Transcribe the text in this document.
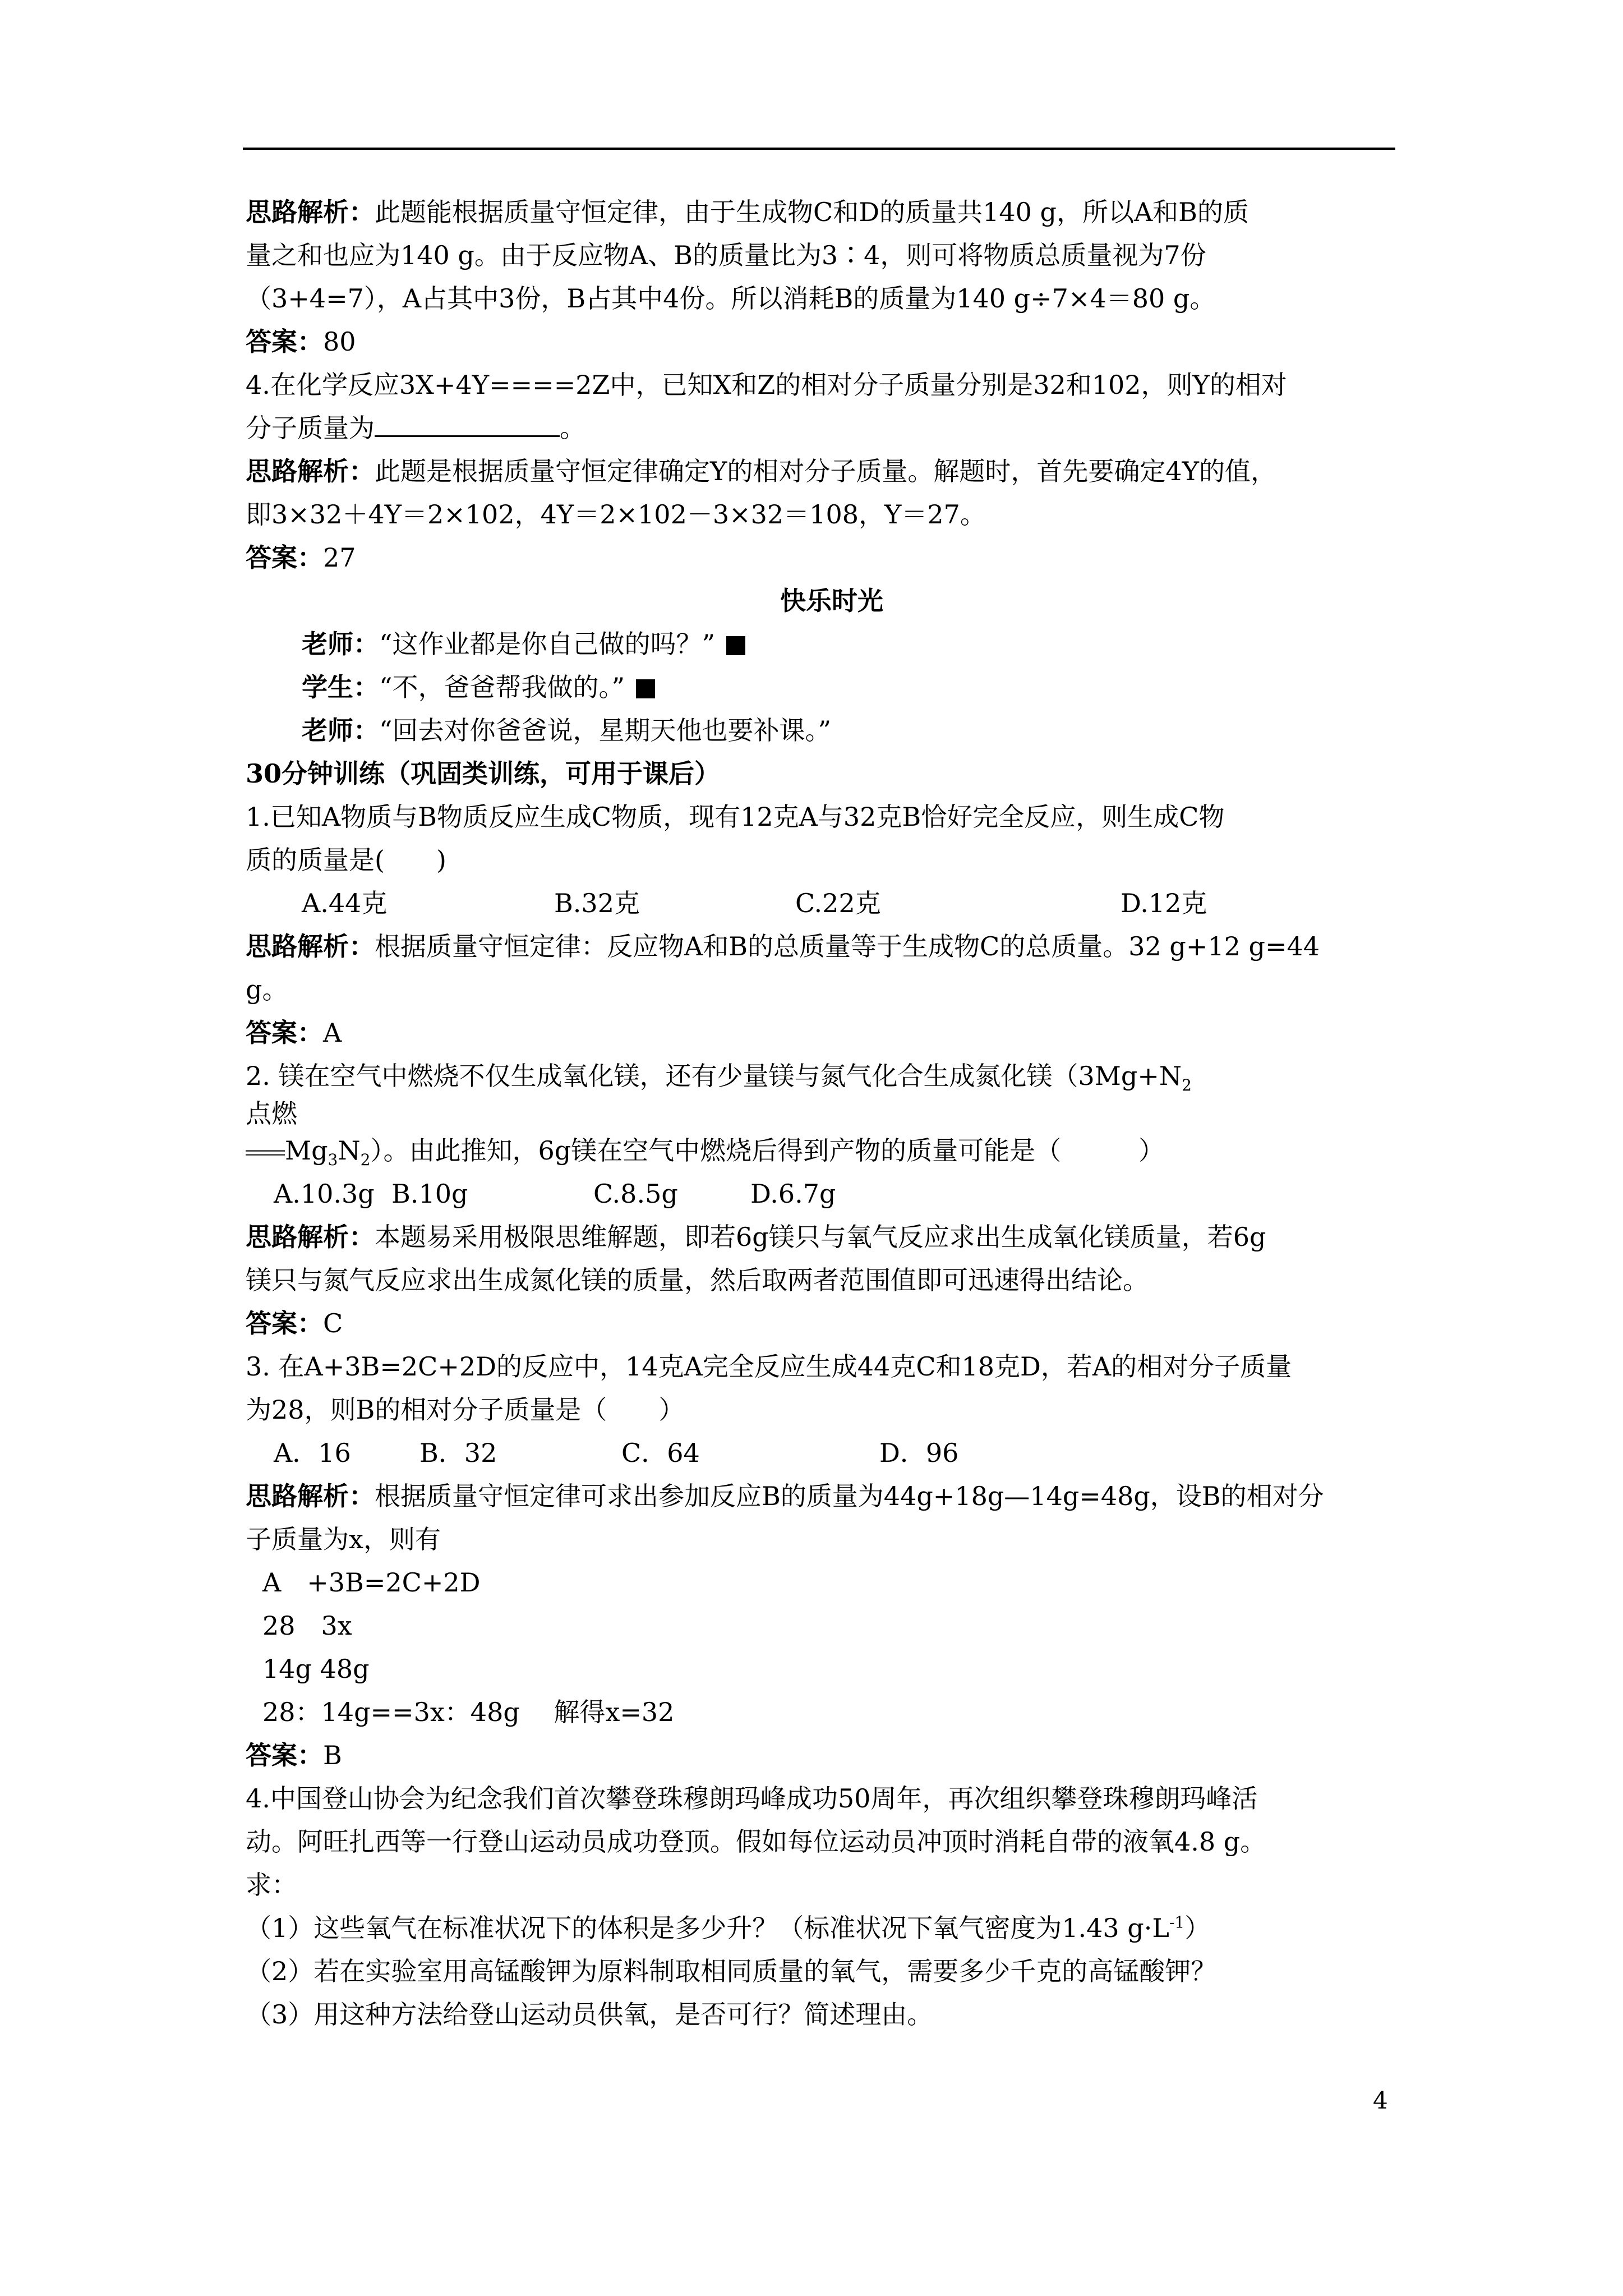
思路解析：此题能根据质量守恒定律，由于生成物C和D的质量共140 g，所以A和B的质

量之和也应为140 g。由于反应物A、B的质量比为3∶4，则可将物质总质量视为7份

（3+4=7），A占其中3份，B占其中4份。所以消耗B的质量为140 g÷7×4＝80 g。

答案：80

4.在化学反应3X+4Y====2Z中，已知X和Z的相对分子质量分别是32和102，则Y的相对

分子质量为	。

思路解析：此题是根据质量守恒定律确定Y的相对分子质量。解题时，首先要确定4Y的值，

即3×32＋4Y＝2×102，4Y＝2×102－3×32＝108，Y＝27。

答案：27

快乐时光

老师：“这作业都是你自己做的吗？”

学生：“不，爸爸帮我做的。”

老师：“回去对你爸爸说，星期天他也要补课。”

30分钟训练（巩固类训练，可用于课后）

1.已知A物质与B物质反应生成C物质，现有12克A与32克B恰好完全反应，则生成C物

质的质量是(　　)

A.44克	B.32克	C.22克	D.12克

思路解析：根据质量守恒定律：反应物A和B的总质量等于生成物C的总质量。32 g+12 g=44

g。

答案：A

2. 镁在空气中燃烧不仅生成氧化镁，还有少量镁与氮气化合生成氮化镁（$3Mg+N_2$

点燃

$Mg_3N_2$）。由此推知，6g镁在空气中燃烧后得到产物的质量可能是（　　　）

A.10.3g B.10g	C.8.5g	D.6.7g

思路解析：本题易采用极限思维解题，即若6g镁只与氧气反应求出生成氧化镁质量，若6g

镁只与氮气反应求出生成氮化镁的质量，然后取两者范围值即可迅速得出结论。

答案：C

3. 在A+3B=2C+2D的反应中，14克A完全反应生成44克C和18克D，若A的相对分子质量

为28，则B的相对分子质量是（　　）

A．16	B．32	C．64	D．96

思路解析：根据质量守恒定律可求出参加反应B的质量为44g+18g—14g=48g，设B的相对分

子质量为x，则有

A　+3B=2C+2D

28　3x

14g 48g

28：14g==3x：48g　 解得x=32

答案：B

4.中国登山协会为纪念我们首次攀登珠穆朗玛峰成功50周年，再次组织攀登珠穆朗玛峰活

动。阿旺扎西等一行登山运动员成功登顶。假如每位运动员冲顶时消耗自带的液氧4.8 g。

求：

（1）这些氧气在标准状况下的体积是多少升？（标准状况下氧气密度为1.43 $g\cdot L^{-1}$）

（2）若在实验室用高锰酸钾为原料制取相同质量的氧气，需要多少千克的高锰酸钾？

（3）用这种方法给登山运动员供氧，是否可行？简述理由。

4
